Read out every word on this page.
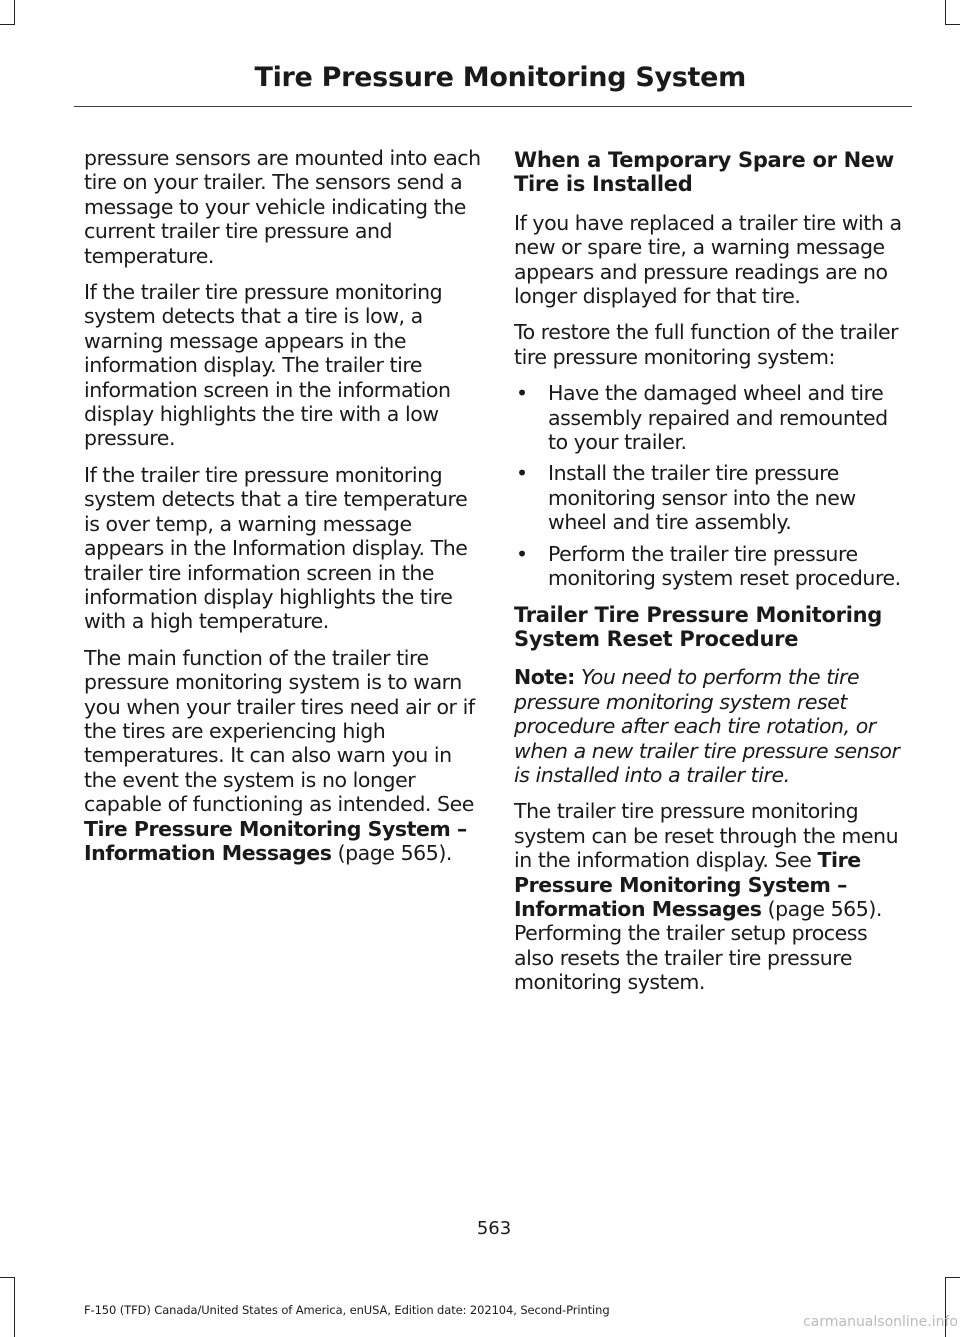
Tire Pressure Monitoring System

pressure sensors are mounted into each tire on your trailer. The sensors send a message to your vehicle indicating the current trailer tire pressure and temperature.

If the trailer tire pressure monitoring system detects that a tire is low, a warning message appears in the information display. The trailer tire information screen in the information display highlights the tire with a low pressure.

If the trailer tire pressure monitoring system detects that a tire temperature is over temp, a warning message appears in the Information display. The trailer tire information screen in the information display highlights the tire with a high temperature.

The main function of the trailer tire pressure monitoring system is to warn you when your trailer tires need air or if the tires are experiencing high temperatures. It can also warn you in the event the system is no longer capable of functioning as intended. See Tire Pressure Monitoring System – Information Messages (page 565).

When a Temporary Spare or New Tire is Installed

If you have replaced a trailer tire with a new or spare tire, a warning message appears and pressure readings are no longer displayed for that tire.

To restore the full function of the trailer tire pressure monitoring system:

• Have the damaged wheel and tire assembly repaired and remounted to your trailer.
• Install the trailer tire pressure monitoring sensor into the new wheel and tire assembly.
• Perform the trailer tire pressure monitoring system reset procedure.
Trailer Tire Pressure Monitoring System Reset Procedure

Note: You need to perform the tire pressure monitoring system reset procedure after each tire rotation, or when a new trailer tire pressure sensor is installed into a trailer tire.

The trailer tire pressure monitoring system can be reset through the menu in the information display. See Tire Pressure Monitoring System – Information Messages (page 565). Performing the trailer setup process also resets the trailer tire pressure monitoring system.

563
F-150 (TFD) Canada/United States of America, enUSA, Edition date: 202104, Second-Printing
carmanualsonline.info
